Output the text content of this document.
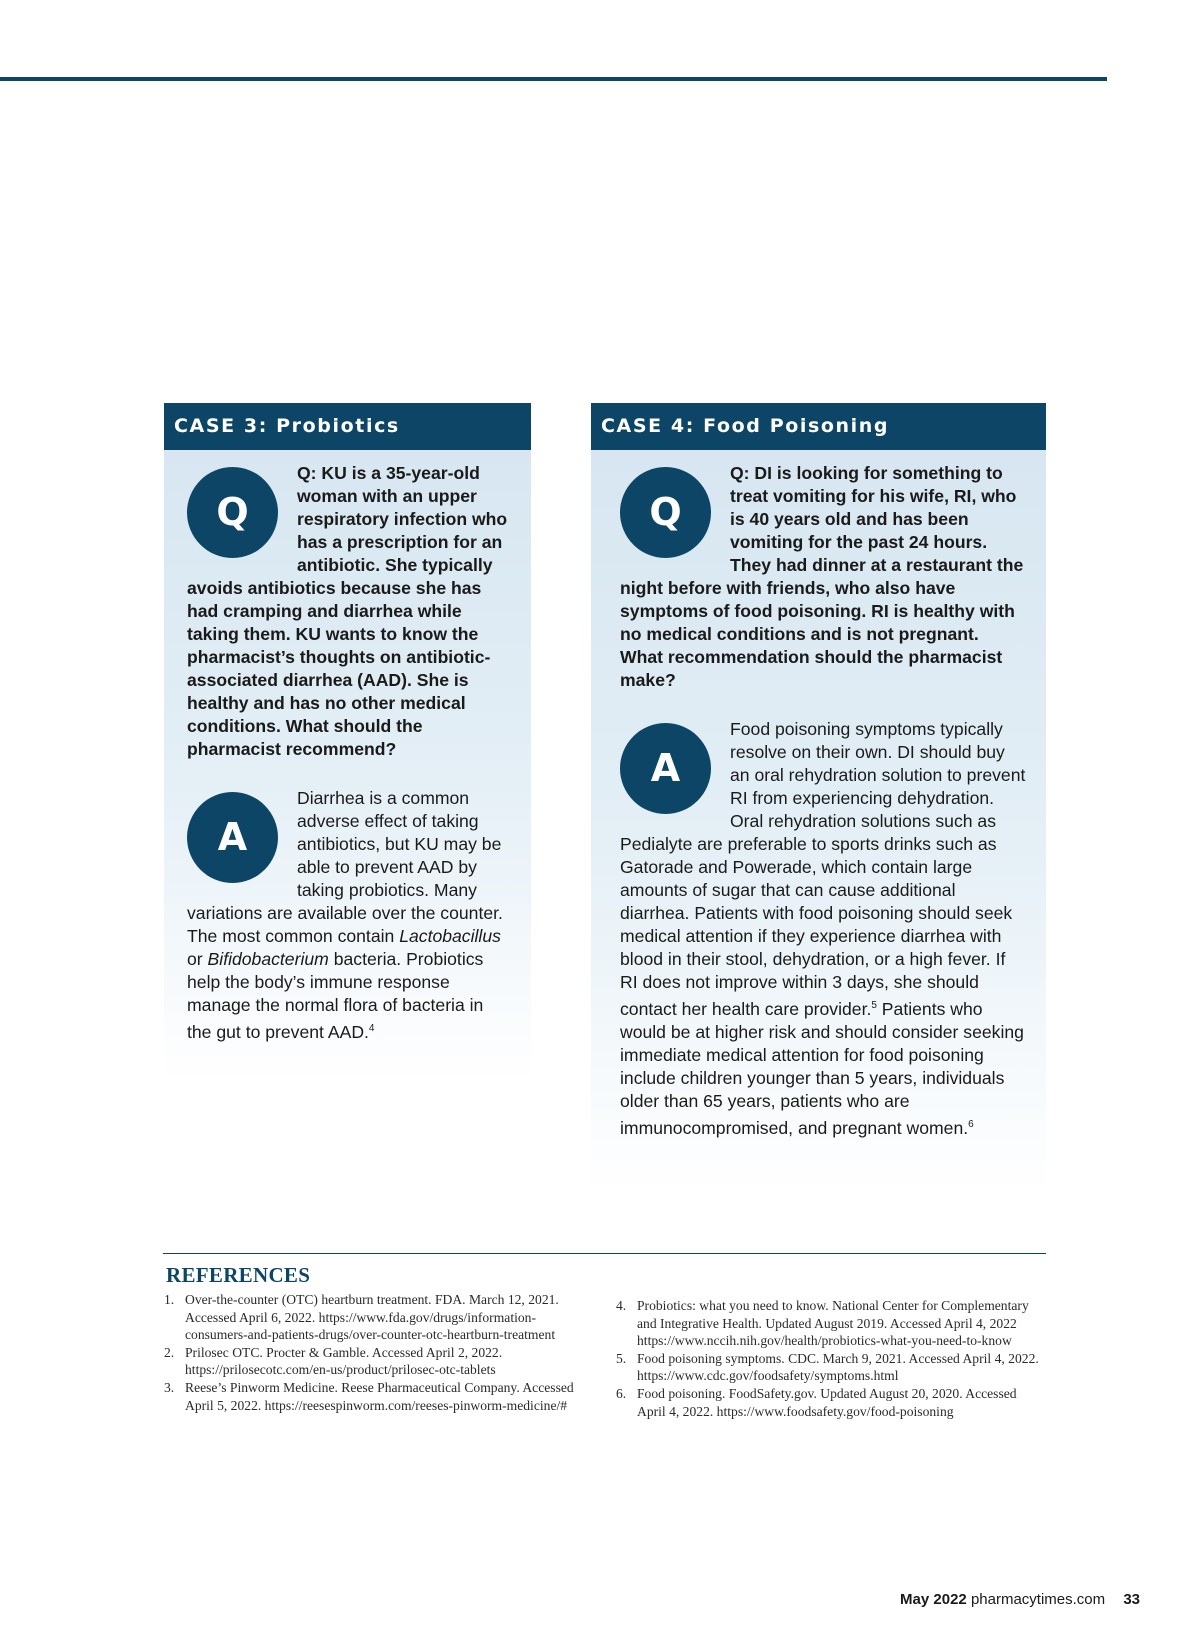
CASE 3: Probiotics
Q

Q: KU is a 35-year-old woman with an upper respiratory infection who has a prescription for an antibiotic. She typically avoids antibiotics because she has had cramping and diarrhea while taking them. KU wants to know the pharmacist’s thoughts on antibiotic-associated diarrhea (AAD). She is healthy and has no other medical conditions. What should the pharmacist recommend?

A

Diarrhea is a common adverse effect of taking antibiotics, but KU may be able to prevent AAD by taking probiotics. Many variations are available over the counter. The most common contain Lactobacillus or Bifidobacterium bacteria. Probiotics help the body’s immune response manage the normal flora of bacteria in the gut to prevent AAD.$^4$

CASE 4: Food Poisoning
Q

Q: DI is looking for something to treat vomiting for his wife, RI, who is 40 years old and has been vomiting for the past 24 hours. They had dinner at a restaurant the night before with friends, who also have symptoms of food poisoning. RI is healthy with no medical conditions and is not pregnant. What recommendation should the pharmacist make?

A

Food poisoning symptoms typically resolve on their own. DI should buy an oral rehydration solution to prevent RI from experiencing dehydration. Oral rehydration solutions such as Pedialyte are preferable to sports drinks such as Gatorade and Powerade, which contain large amounts of sugar that can cause additional diarrhea. Patients with food poisoning should seek medical attention if they experience diarrhea with blood in their stool, dehydration, or a high fever. If RI does not improve within 3 days, she should contact her health care provider.$^5$ Patients who would be at higher risk and should consider seeking immediate medical attention for food poisoning include children younger than 5 years, individuals older than 65 years, patients who are immunocompromised, and pregnant women.$^6$

REFERENCES
1. Over-the-counter (OTC) heartburn treatment. FDA. March 12, 2021. Accessed April 6, 2022. https://www.fda.gov/drugs/information-consumers-and-patients-drugs/over-counter-otc-heartburn-treatment
2. Prilosec OTC. Procter & Gamble. Accessed April 2, 2022. https://prilosecotc.com/en-us/product/prilosec-otc-tablets
3. Reese’s Pinworm Medicine. Reese Pharmaceutical Company. Accessed April 5, 2022. https://reesespinworm.com/reeses-pinworm-medicine/#
4. Probiotics: what you need to know. National Center for Complementary and Integrative Health. Updated August 2019. Accessed April 4, 2022 https://www.nccih.nih.gov/health/probiotics-what-you-need-to-know
5. Food poisoning symptoms. CDC. March 9, 2021. Accessed April 4, 2022. https://www.cdc.gov/foodsafety/symptoms.html
6. Food poisoning. FoodSafety.gov. Updated August 20, 2020. Accessed April 4, 2022. https://www.foodsafety.gov/food-poisoning
May 2022 pharmacytimes.com 33
